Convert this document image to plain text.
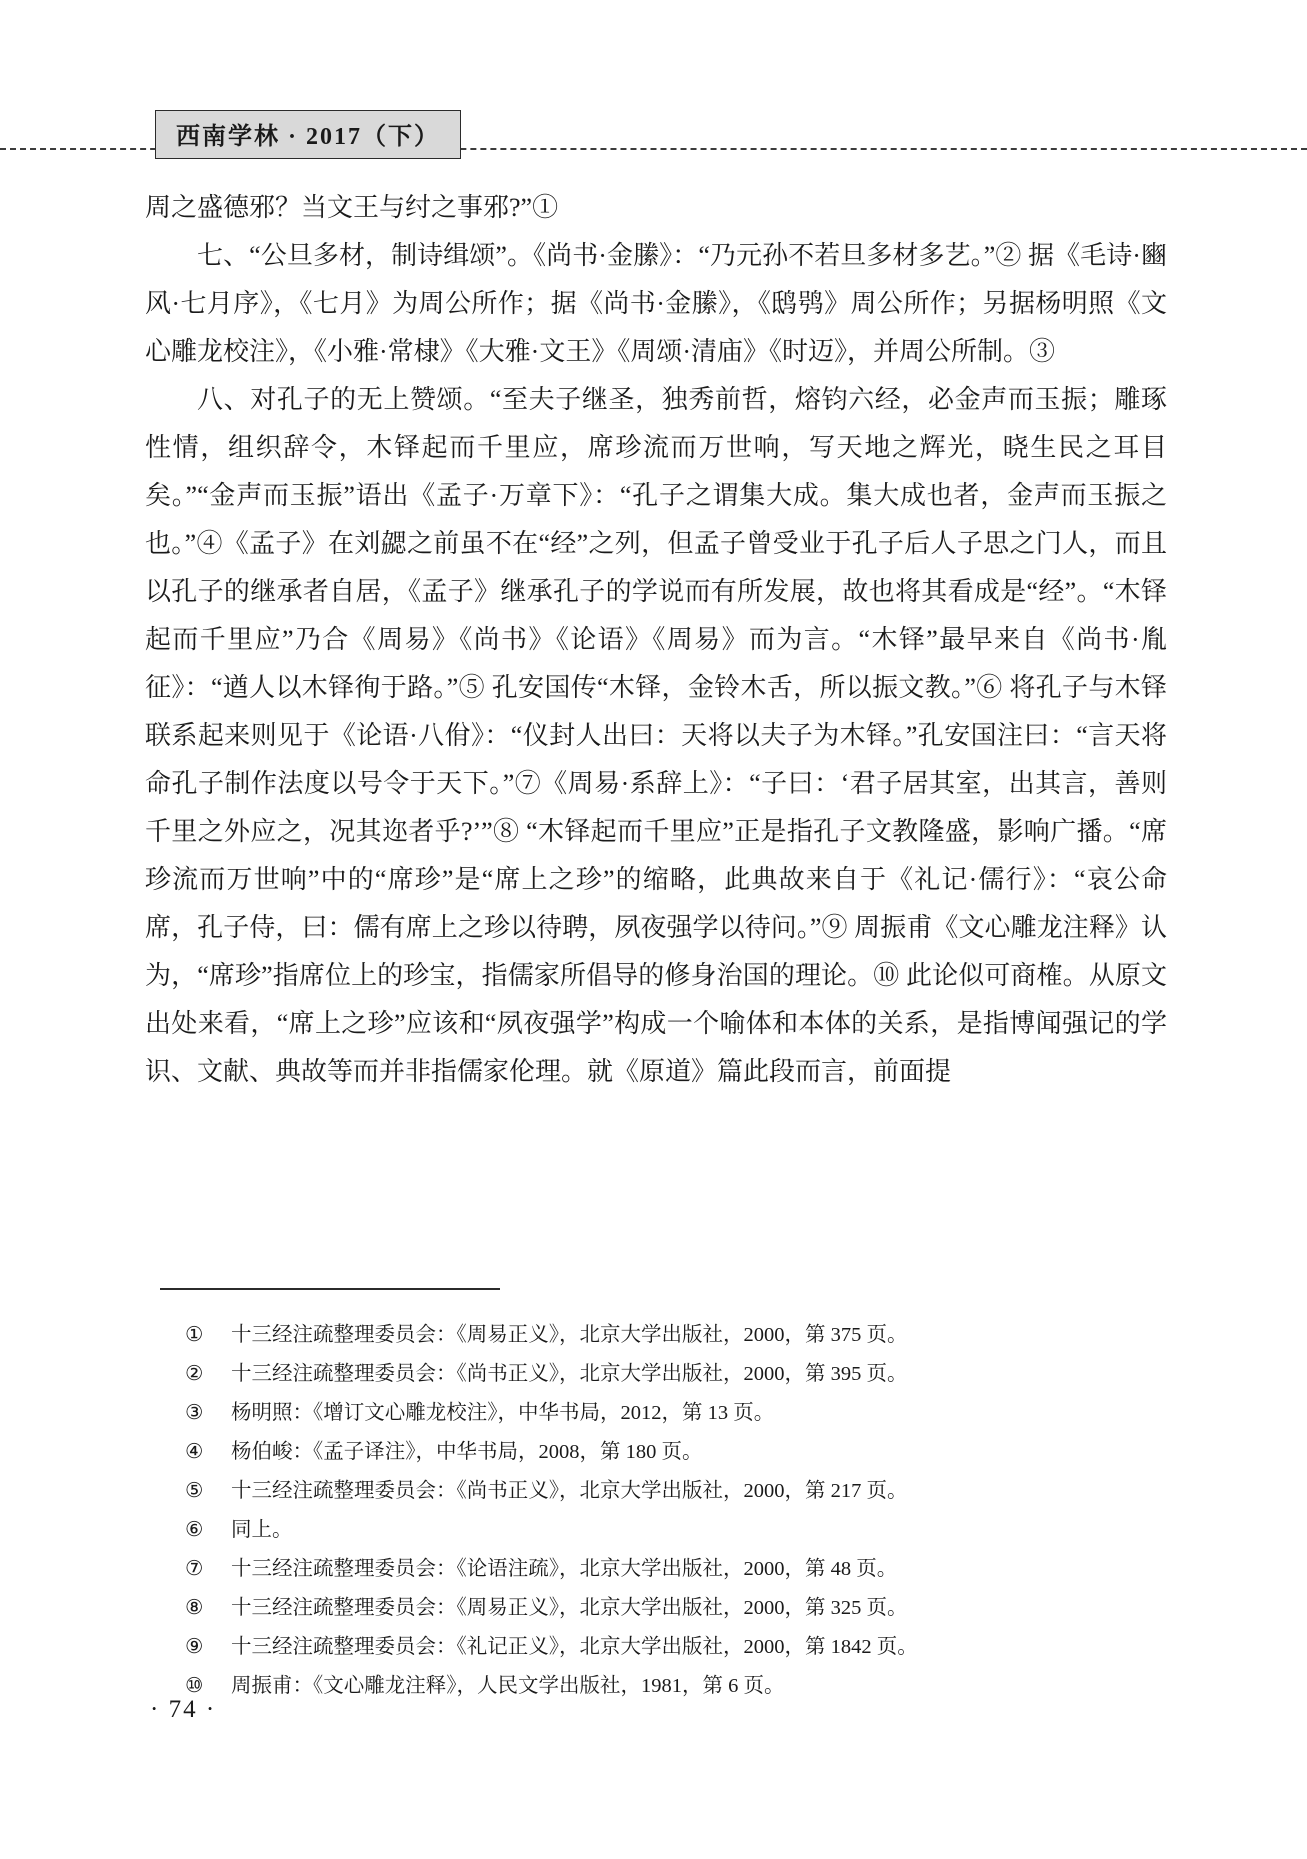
西南学林 · 2017（下）

周之盛德邪？当文王与纣之事邪?”①

七、“公旦多材，制诗缉颂”。《尚书·金縢》：“乃元孙不若旦多材多艺。”② 据《毛诗·豳风·七月序》，《七月》为周公所作；据《尚书·金縢》，《鸱鸮》周公所作；另据杨明照《文心雕龙校注》，《小雅·常棣》《大雅·文王》《周颂·清庙》《时迈》，并周公所制。③

八、对孔子的无上赞颂。“至夫子继圣，独秀前哲，熔钧六经，必金声而玉振；雕琢性情，组织辞令，木铎起而千里应，席珍流而万世响，写天地之辉光，晓生民之耳目矣。”“金声而玉振”语出《孟子·万章下》：“孔子之谓集大成。集大成也者，金声而玉振之也。”④《孟子》在刘勰之前虽不在“经”之列，但孟子曾受业于孔子后人子思之门人，而且以孔子的继承者自居，《孟子》继承孔子的学说而有所发展，故也将其看成是“经”。“木铎起而千里应”乃合《周易》《尚书》《论语》《周易》而为言。“木铎”最早来自《尚书·胤征》：“遒人以木铎徇于路。”⑤ 孔安国传“木铎，金铃木舌，所以振文教。”⑥ 将孔子与木铎联系起来则见于《论语·八佾》：“仪封人出曰：天将以夫子为木铎。”孔安国注曰：“言天将命孔子制作法度以号令于天下。”⑦《周易·系辞上》：“子曰：‘君子居其室，出其言，善则千里之外应之，况其迩者乎?’”⑧ “木铎起而千里应”正是指孔子文教隆盛，影响广播。“席珍流而万世响”中的“席珍”是“席上之珍”的缩略，此典故来自于《礼记·儒行》：“哀公命席，孔子侍，曰：儒有席上之珍以待聘，夙夜强学以待问。”⑨ 周振甫《文心雕龙注释》认为，“席珍”指席位上的珍宝，指儒家所倡导的修身治国的理论。⑩ 此论似可商榷。从原文出处来看，“席上之珍”应该和“夙夜强学”构成一个喻体和本体的关系，是指博闻强记的学识、文献、典故等而并非指儒家伦理。就《原道》篇此段而言，前面提

①	十三经注疏整理委员会：《周易正义》，北京大学出版社，2000，第 375 页。
②	十三经注疏整理委员会：《尚书正义》，北京大学出版社，2000，第 395 页。
③	杨明照：《增订文心雕龙校注》，中华书局，2012，第 13 页。
④	杨伯峻：《孟子译注》，中华书局，2008，第 180 页。
⑤	十三经注疏整理委员会：《尚书正义》，北京大学出版社，2000，第 217 页。
⑥	同上。
⑦	十三经注疏整理委员会：《论语注疏》，北京大学出版社，2000，第 48 页。
⑧	十三经注疏整理委员会：《周易正义》，北京大学出版社，2000，第 325 页。
⑨	十三经注疏整理委员会：《礼记正义》，北京大学出版社，2000，第 1842 页。
⑩	周振甫：《文心雕龙注释》，人民文学出版社，1981，第 6 页。
· 74 ·
